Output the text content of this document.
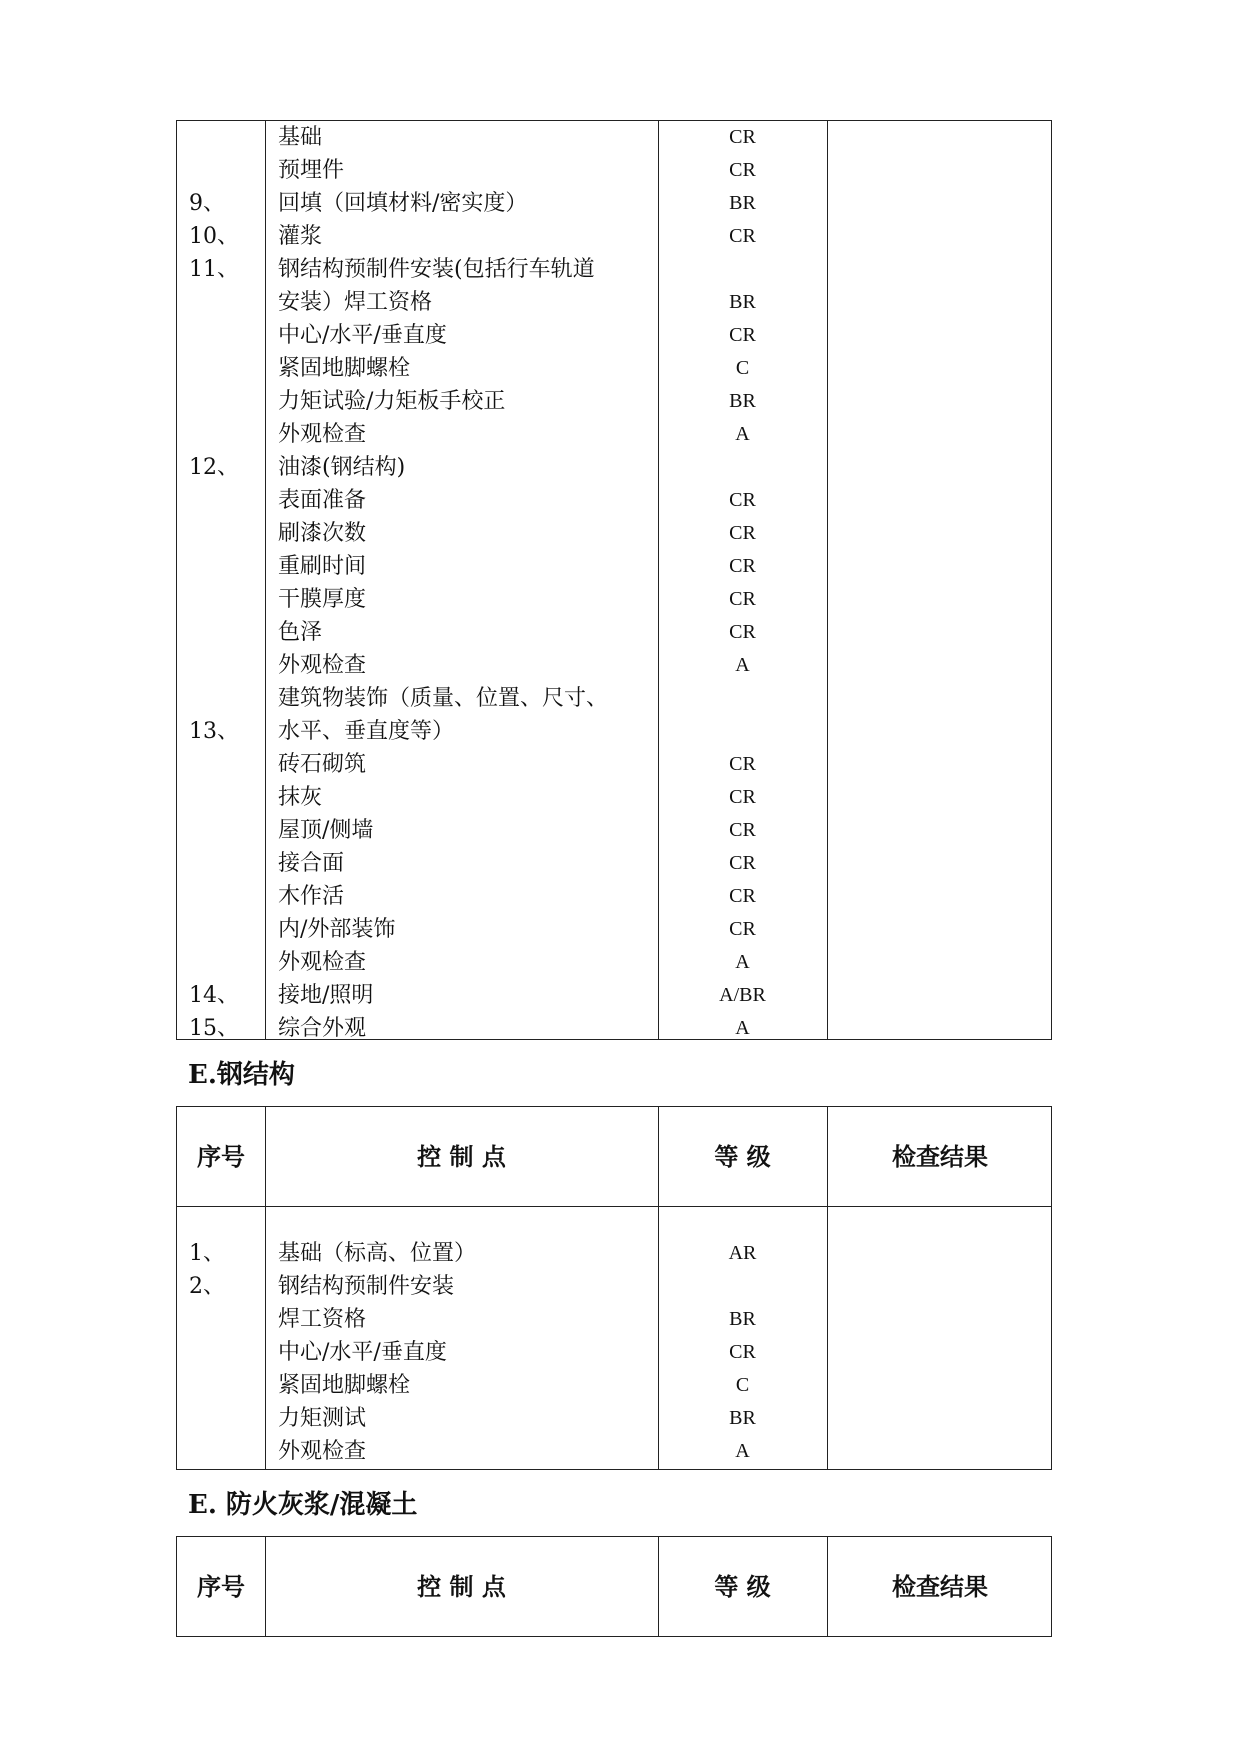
基础	CR
预埋件	CR
9、 回填（回填材料/密实度）	BR
10、 灌浆	CR
11、 钢结构预制件安装(包括行车轨道
安装）焊工资格	BR
中心/水平/垂直度	CR
紧固地脚螺栓	C
力矩试验/力矩板手校正	BR
外观检查	A
12、 油漆(钢结构)
表面准备	CR
刷漆次数	CR
重刷时间	CR
干膜厚度	CR
色泽	CR
外观检查	A
建筑物装饰（质量、位置、尺寸、
13、 水平、垂直度等）
砖石砌筑	CR
抹灰	CR
屋顶/侧墙	CR
接合面	CR
木作活	CR
内/外部装饰	CR
外观检查	A
14、 接地/照明	A/BR
15、 综合外观	A
E.钢结构
序号	控 制 点	等 级	检查结果
1、 基础（标高、位置）	AR
2、 钢结构预制件安装
焊工资格	BR
中心/水平/垂直度	CR
紧固地脚螺栓	C
力矩测试	BR
外观检查	A
E. 防火灰浆/混凝土
序号	控 制 点	等 级	检查结果
